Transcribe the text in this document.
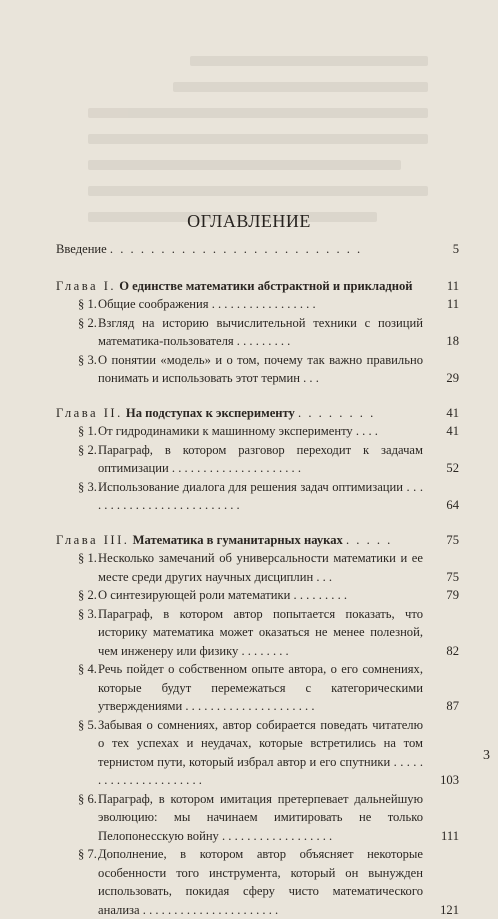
ОГЛАВЛЕНИЕ
Введение . . . . . . . . . . . . . . . . . . . . . . . . .	5
Глава I. О единстве математики абстрактной и прикладной	11
§ 1. Общие соображения . . . . . . . . . . . . . . . . .	11
§ 2. Взгляд на историю вычислительной техники с позиций математика-пользователя . . . . . . . . .	18
§ 3. О понятии «модель» и о том, почему так важно правильно понимать и использовать этот термин . . .	29
Глава II. На подступах к эксперименту . . . . . . . .	41
§ 1. От гидродинамики к машинному эксперименту . . . .	41
§ 2. Параграф, в котором разговор переходит к задачам оптимизации . . . . . . . . . . . . . . . . . . . . .	52
§ 3. Использование диалога для решения задач оптимизации . . . . . . . . . . . . . . . . . . . . . . . . . .	64
Глава III. Математика в гуманитарных науках . . . . .	75
§ 1. Несколько замечаний об универсальности математики и ее месте среди других научных дисциплин . . .	75
§ 2. О синтезирующей роли математики . . . . . . . . .	79
§ 3. Параграф, в котором автор попытается показать, что историку математика может оказаться не менее полезной, чем инженеру или физику . . . . . . . .	82
§ 4. Речь пойдет о собственном опыте автора, о его сомнениях, которые будут перемежаться с категорическими утверждениями . . . . . . . . . . . . . . . . . . . . .	87
§ 5. Забывая о сомнениях, автор собирается поведать читателю о тех успехах и неудачах, которые встретились на том тернистом пути, который избрал автор и его спутники . . . . . . . . . . . . . . . . . . . . . .	103
§ 6. Параграф, в котором имитация претерпевает дальнейшую эволюцию: мы начинаем имитировать не только Пелопонесскую войну . . . . . . . . . . . . . . . . . .	111
§ 7. Дополнение, в котором автор объясняет некоторые особенности того инструмента, который он вынужден использовать, покидая сферу чисто математического анализа . . . . . . . . . . . . . . . . . . . . . .	121
3
